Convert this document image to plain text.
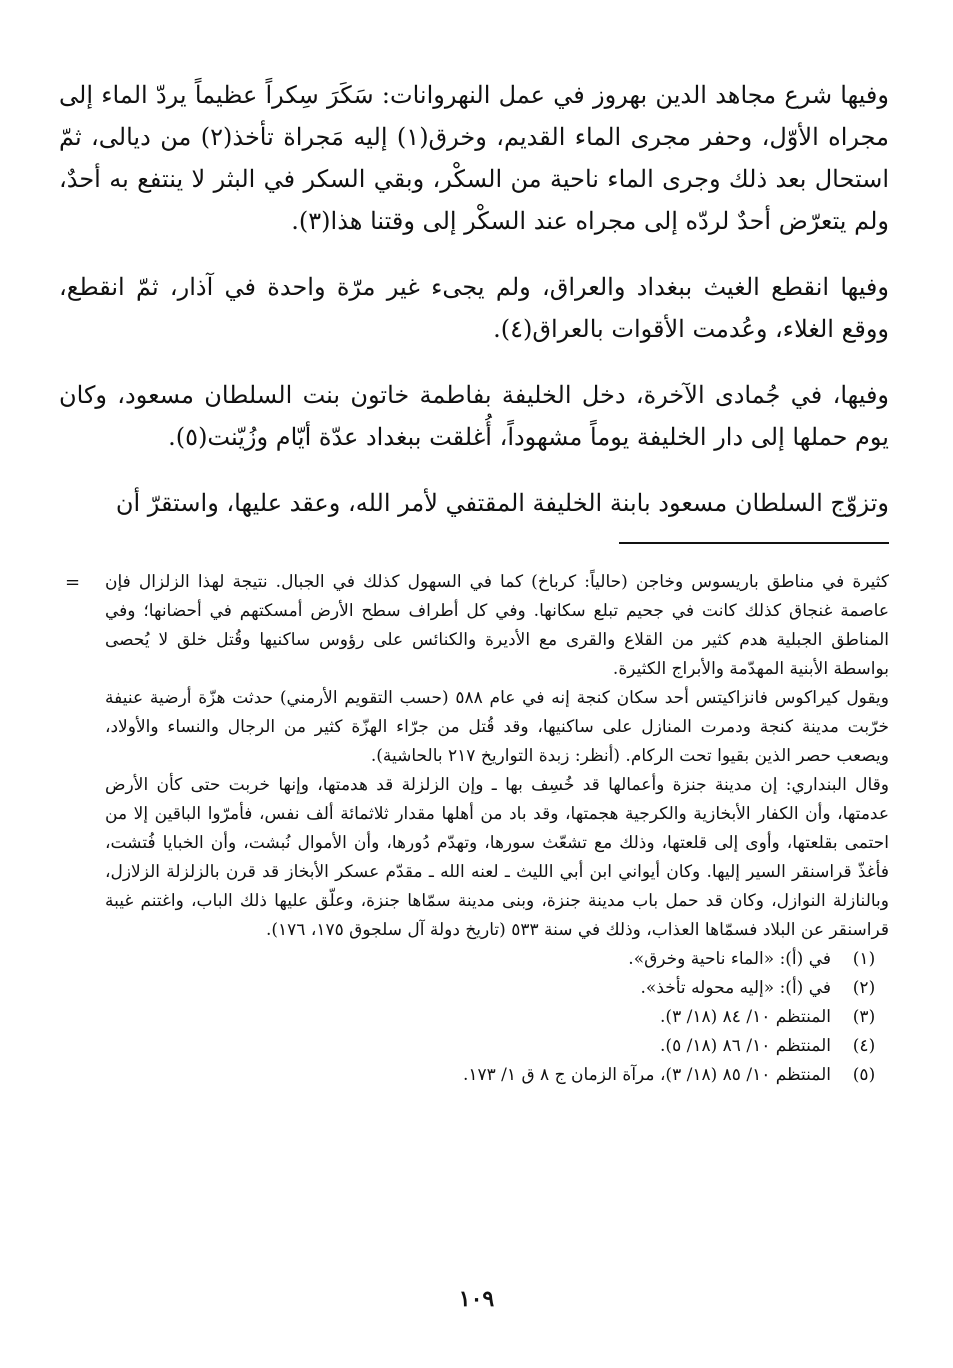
وفيها شرع مجاهد الدين بهروز في عمل النهروانات: سَكَرَ سِكراً عظيماً يردّ الماء إلى مجراه الأوّل، وحفر مجرى الماء القديم، وخرق(١) إليه مَجراة تأخذ(٢) من ديالى، ثمّ استحال بعد ذلك وجرى الماء ناحية من السكْر، وبقي السكر في البثر لا ينتفع به أحدٌ، ولم يتعرّض أحدٌ لردّه إلى مجراه عند السكْر إلى وقتنا هذا(٣).

وفيها انقطع الغيث ببغداد والعراق، ولم يجىء غير مرّة واحدة في آذار، ثمّ انقطع، ووقع الغلاء، وعُدمت الأقوات بالعراق(٤).

وفيها، في جُمادى الآخرة، دخل الخليفة بفاطمة خاتون بنت السلطان مسعود، وكان يوم حملها إلى دار الخليفة يوماً مشهوداً، أُغلقت ببغداد عدّة أيّام وزُيّنت(٥).

وتزوّج السلطان مسعود بابنة الخليفة المقتفي لأمر الله، وعقد عليها، واستقرّ أن

= كثيرة في مناطق باريسوس وخاجن (حالياً: كرباخ) كما في السهول كذلك في الجبال. نتيجة لهذا الزلزال فإن عاصمة غنجاق كذلك كانت في جحيم تبلع سكانها. وفي كل أطراف سطح الأرض أمسكتهم في أحضانها؛ وفي المناطق الجبلية هدم كثير من القلاع والقرى مع الأديرة والكنائس على رؤوس ساكنيها وقُتل خلق لا يُحصى بواسطة الأبنية المهدّمة والأبراج الكثيرة.

ويقول كيراكوس فانزاكيتس أحد سكان كنجة إنه في عام ٥٨٨ (حسب التقويم الأرمني) حدثت هزّة أرضية عنيفة خرّبت مدينة كنجة ودمرت المنازل على ساكنيها، وقد قُتل من جرّاء الهزّة كثير من الرجال والنساء والأولاد، ويصعب حصر الذين بقيوا تحت الركام. (أنظر: زبدة التواريخ ٢١٧ بالحاشية).

وقال البنداري: إن مدينة جنزة وأعمالها قد خُسِف بها ـ وإن الزلزلة قد هدمتها، وإنها خربت حتى كأن الأرض عدمتها، وأن الكفار الأبخازية والكرجية هجمتها، وقد باد من أهلها مقدار ثلاثمائة ألف نفس، فأمرّوا الباقين إلا من احتمى بقلعتها، وأوى إلى قلعتها، وذلك مع تشعّث سورها، وتهدّم دُورها، وأن الأموال نُبشت، وأن الخبايا فُتشت، فأغذّ قراسنقر السير إليها. وكان أيواني ابن أبي الليث ـ لعنه الله ـ مقدّم عسكر الأبخاز قد قرن بالزلزلة الزلازل، وبالنازلة النوازل، وكان قد حمل باب مدينة جنزة، وبنى مدينة سمّاها جنزة، وعلّق عليها ذلك الباب، واغتنم غيبة قراسنقر عن البلاد فسمّاها العذاب، وذلك في سنة ٥٣٣ (تاريخ دولة آل سلجوق ١٧٥، ١٧٦).

(١)
في (أ): «الماء ناحية وخرق».
(٢)
في (أ): «إليه محوله تأخذ».
(٣)
المنتظم ١٠/ ٨٤ (١٨/ ٣).
(٤)
المنتظم ١٠/ ٨٦ (١٨/ ٥).
(٥)
المنتظم ١٠/ ٨٥ (١٨/ ٣)، مرآة الزمان ج ٨ ق ١/ ١٧٣.
١٠٩
